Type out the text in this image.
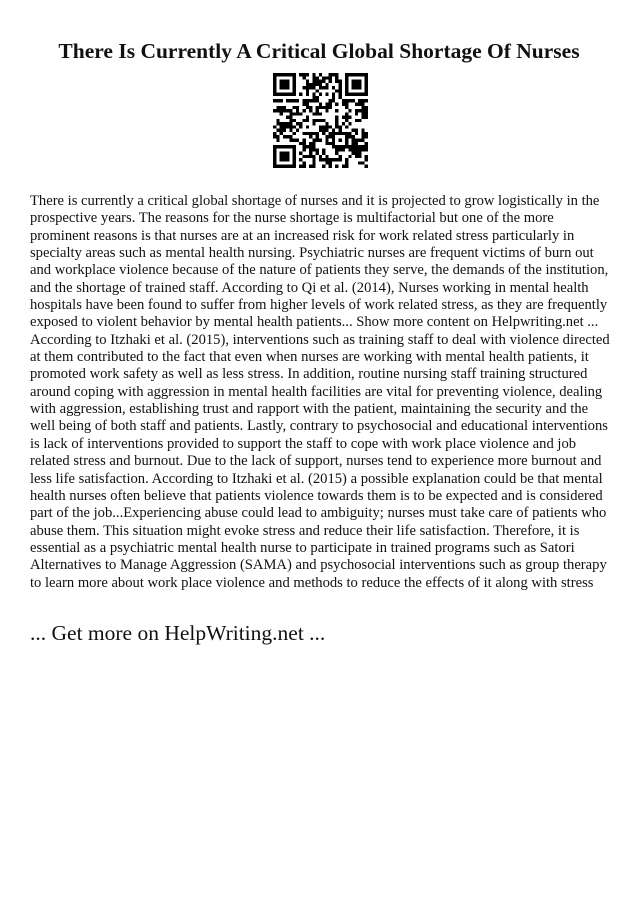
There Is Currently A Critical Global Shortage Of Nurses

There is currently a critical global shortage of nurses and it is projected to grow logistically in the prospective years. The reasons for the nurse shortage is multifactorial but one of the more prominent reasons is that nurses are at an increased risk for work related stress particularly in specialty areas such as mental health nursing. Psychiatric nurses are frequent victims of burn out and workplace violence because of the nature of patients they serve, the demands of the institution, and the shortage of trained staff. According to Qi et al. (2014), Nurses working in mental health hospitals have been found to suffer from higher levels of work related stress, as they are frequently exposed to violent behavior by mental health patients... Show more content on Helpwriting.net ... According to Itzhaki et al. (2015), interventions such as training staff to deal with violence directed at them contributed to the fact that even when nurses are working with mental health patients, it promoted work safety as well as less stress. In addition, routine nursing staff training structured around coping with aggression in mental health facilities are vital for preventing violence, dealing with aggression, establishing trust and rapport with the patient, maintaining the security and the well being of both staff and patients. Lastly, contrary to psychosocial and educational interventions is lack of interventions provided to support the staff to cope with work place violence and job related stress and burnout. Due to the lack of support, nurses tend to experience more burnout and less life satisfaction. According to Itzhaki et al. (2015) a possible explanation could be that mental health nurses often believe that patients violence towards them is to be expected and is considered part of the job...Experiencing abuse could lead to ambiguity; nurses must take care of patients who abuse them. This situation might evoke stress and reduce their life satisfaction. Therefore, it is essential as a psychiatric mental health nurse to participate in trained programs such as Satori Alternatives to Manage Aggression (SAMA) and psychosocial interventions such as group therapy to learn more about work place violence and methods to reduce the effects of it along with stress

... Get more on HelpWriting.net ...
